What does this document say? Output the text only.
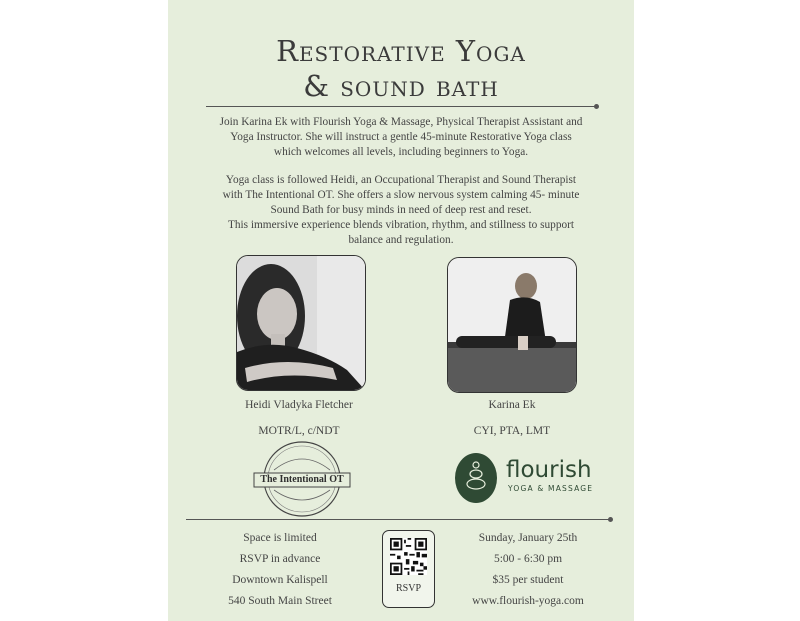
Restorative Yoga
& sound bath
Join Karina Ek with Flourish Yoga & Massage, Physical Therapist Assistant and
Yoga Instructor. She will instruct a gentle 45-minute Restorative Yoga class
which welcomes all levels, including beginners to Yoga.
Yoga class is followed Heidi, an Occupational Therapist and Sound Therapist
with The Intentional OT. She offers a slow nervous system calming 45- minute
Sound Bath for busy minds in need of deep rest and reset.
This immersive experience blends vibration, rhythm, and stillness to support
balance and regulation.
Heidi Vladyka Fletcher
MOTR/L, c/NDT
Karina Ek
CYI, PTA, LMT
The Intentional OT	flourish
YOGA & MASSAGE
Space is limited
RSVP in advance
Downtown Kalispell
540 South Main Street
RSVP
Sunday, January 25th
5:00 - 6:30 pm
$35 per student
www.flourish-yoga.com
